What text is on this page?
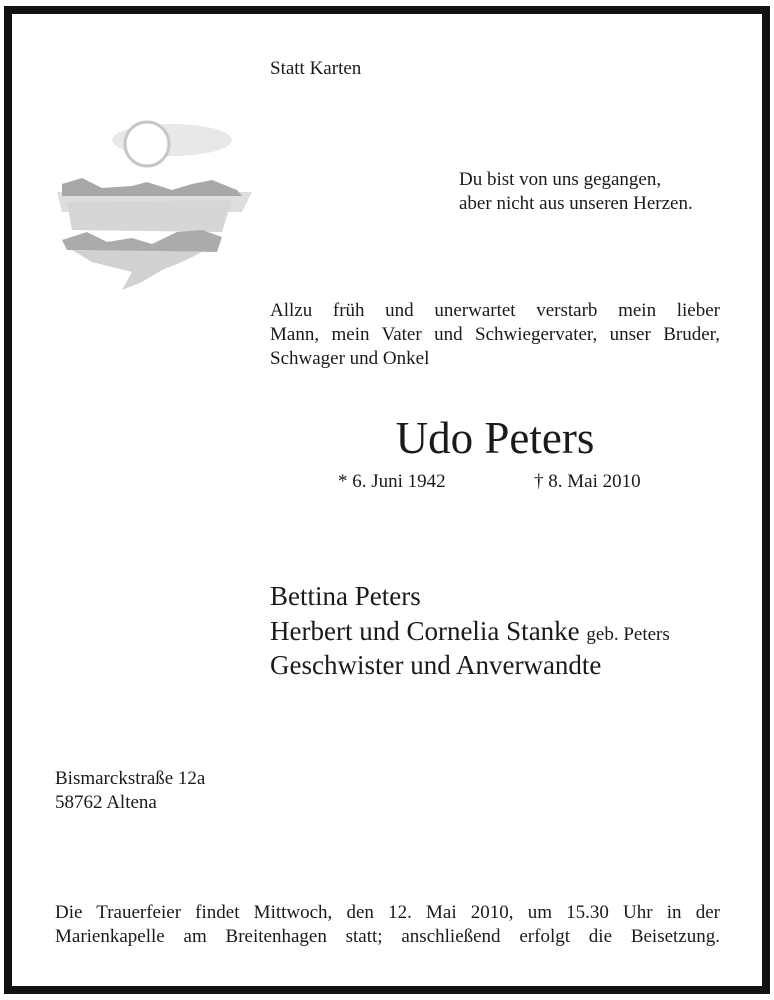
Statt Karten
Du bist von uns gegangen,
aber nicht aus unseren Herzen.
Allzu früh und unerwartet verstarb mein lieber
Mann, mein Vater und Schwiegervater, unser Bruder,
Schwager und Onkel
Udo Peters
* 6. Juni 1942	† 8. Mai 2010
Bettina Peters
Herbert und Cornelia Stanke geb. Peters
Geschwister und Anverwandte
Bismarckstraße 12a
58762 Altena
Die Trauerfeier findet Mittwoch, den 12. Mai 2010, um 15.30 Uhr in der
Marienkapelle am Breitenhagen statt; anschließend erfolgt die Beisetzung.
